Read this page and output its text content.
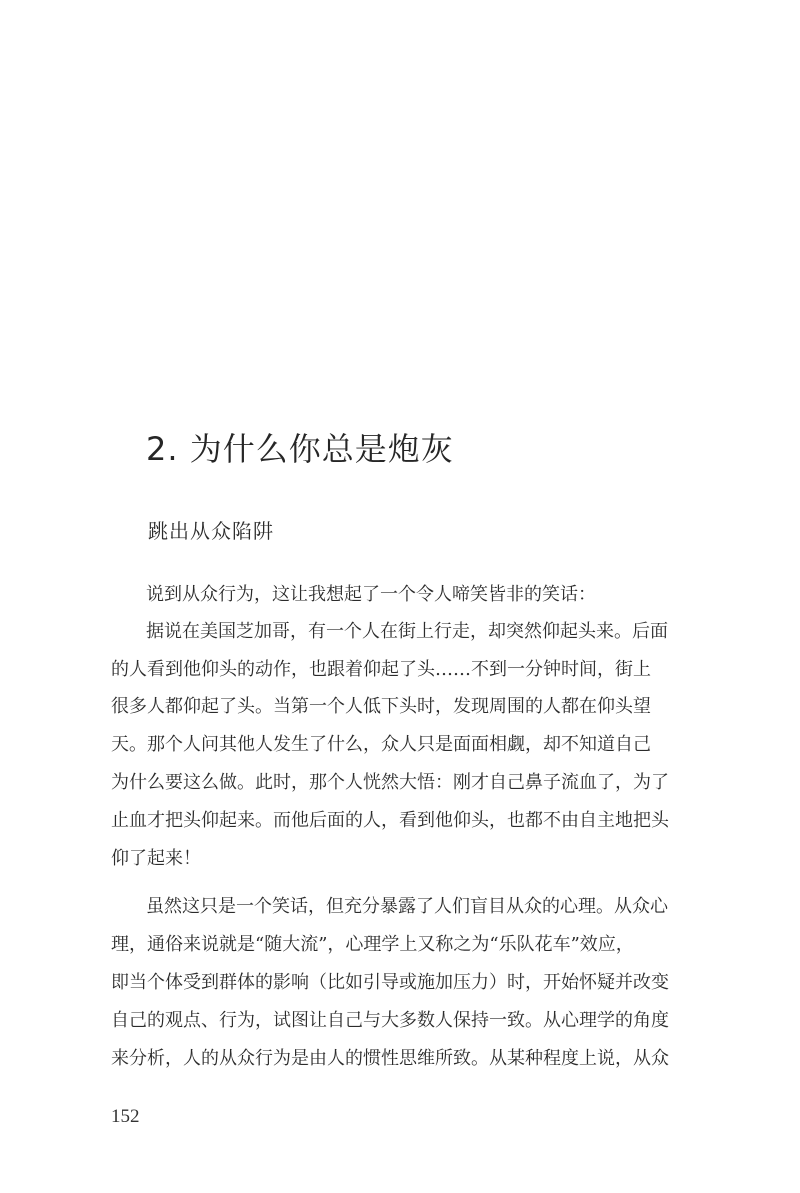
2. 为什么你总是炮灰
跳出从众陷阱
说到从众行为，这让我想起了一个令人啼笑皆非的笑话：
据说在美国芝加哥，有一个人在街上行走，却突然仰起头来。后面
的人看到他仰头的动作，也跟着仰起了头……不到一分钟时间，街上
很多人都仰起了头。当第一个人低下头时，发现周围的人都在仰头望
天。那个人问其他人发生了什么，众人只是面面相觑，却不知道自己
为什么要这么做。此时，那个人恍然大悟：刚才自己鼻子流血了，为了
止血才把头仰起来。而他后面的人，看到他仰头，也都不由自主地把头
仰了起来！
虽然这只是一个笑话，但充分暴露了人们盲目从众的心理。从众心
理，通俗来说就是“随大流”，心理学上又称之为“乐队花车”效应，
即当个体受到群体的影响（比如引导或施加压力）时，开始怀疑并改变
自己的观点、行为，试图让自己与大多数人保持一致。从心理学的角度
来分析，人的从众行为是由人的惯性思维所致。从某种程度上说，从众
152
